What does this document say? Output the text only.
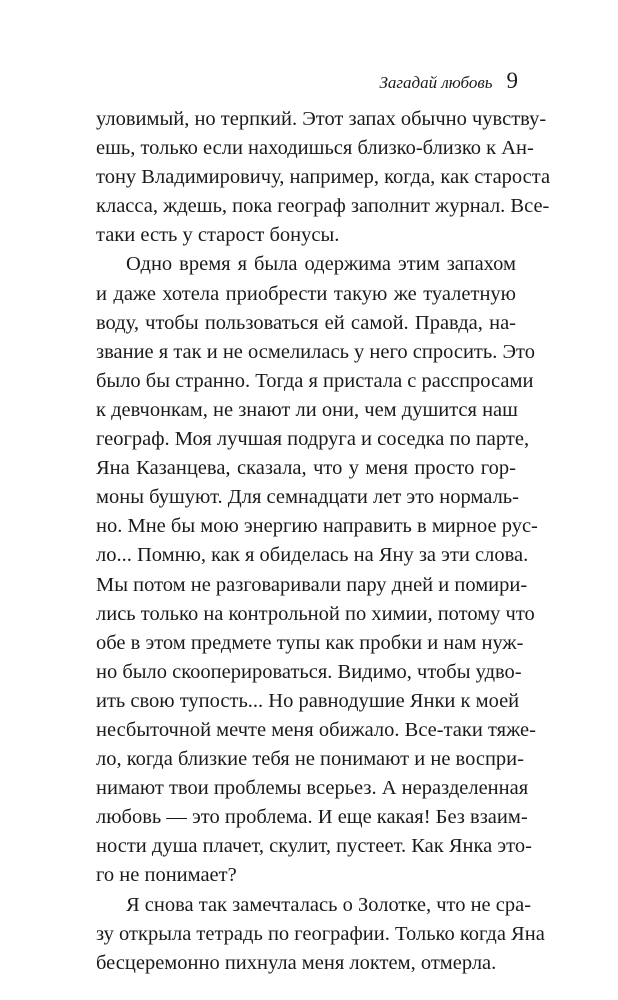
Загадай любовь 9
уловимый, но терпкий. Этот запах обычно чувству-
ешь, только если находишься близко-близко к Ан-
тону Владимировичу, например, когда, как староста
класса, ждешь, пока географ заполнит журнал. Все-
таки есть у старост бонусы.
Одно время я была одержима этим запахом
и даже хотела приобрести такую же туалетную
воду, чтобы пользоваться ей самой. Правда, на-
звание я так и не осмелилась у него спросить. Это
было бы странно. Тогда я пристала с расспросами
к девчонкам, не знают ли они, чем душится наш
географ. Моя лучшая подруга и соседка по парте,
Яна Казанцева, сказала, что у меня просто гор-
моны бушуют. Для семнадцати лет это нормаль-
но. Мне бы мою энергию направить в мирное рус-
ло... Помню, как я обиделась на Яну за эти слова.
Мы потом не разговаривали пару дней и помири-
лись только на контрольной по химии, потому что
обе в этом предмете тупы как пробки и нам нуж-
но было скооперироваться. Видимо, чтобы удво-
ить свою тупость... Но равнодушие Янки к моей
несбыточной мечте меня обижало. Все-таки тяже-
ло, когда близкие тебя не понимают и не воспри-
нимают твои проблемы всерьез. А неразделенная
любовь — это проблема. И еще какая! Без взаим-
ности душа плачет, скулит, пустеет. Как Янка это-
го не понимает?
Я снова так замечталась о Золотке, что не сра-
зу открыла тетрадь по географии. Только когда Яна
бесцеремонно пихнула меня локтем, отмерла.
